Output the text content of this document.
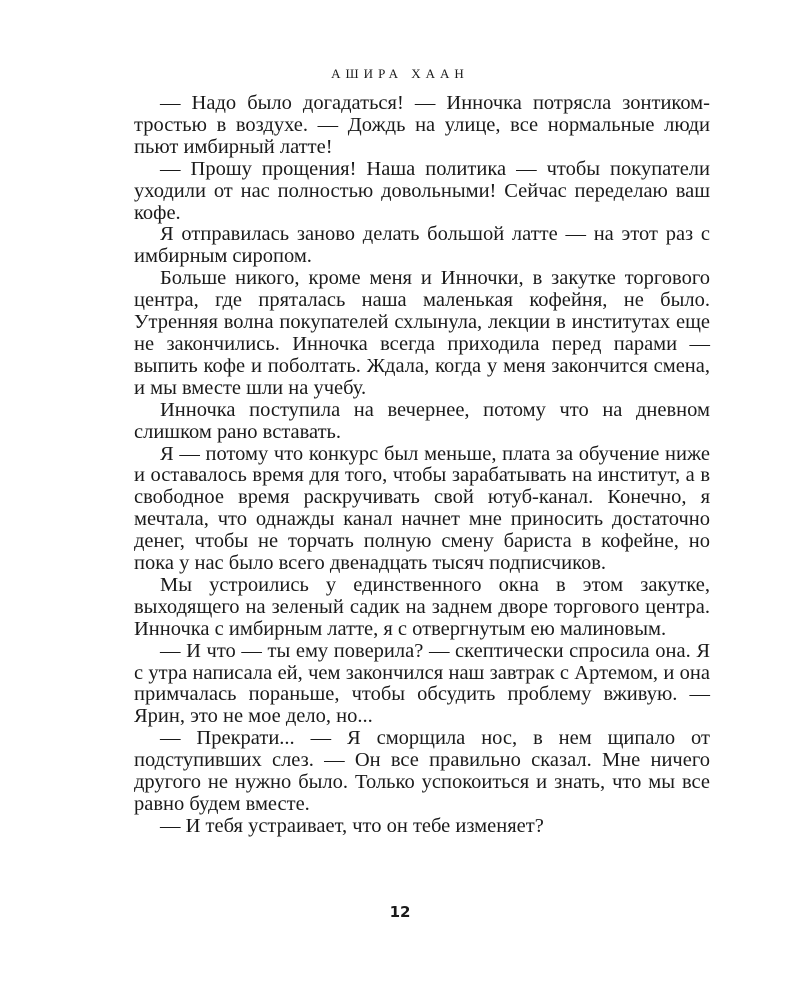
АШИРА ХААН

— Надо было догадаться! — Инночка потрясла зонтиком-тростью в воздухе. — Дождь на улице, все нормальные люди пьют имбирный латте!

— Прошу прощения! Наша политика — чтобы покупатели уходили от нас полностью довольными! Сейчас переделаю ваш кофе.

Я отправилась заново делать большой латте — на этот раз с имбирным сиропом.

Больше никого, кроме меня и Инночки, в закутке торгового центра, где пряталась наша маленькая кофейня, не было. Утренняя волна покупателей схлынула, лекции в институтах еще не закончились. Инночка всегда приходила перед парами — выпить кофе и поболтать. Ждала, когда у меня закончится смена, и мы вместе шли на учебу.

Инночка поступила на вечернее, потому что на дневном слишком рано вставать.

Я — потому что конкурс был меньше, плата за обучение ниже и оставалось время для того, чтобы зарабатывать на институт, а в свободное время раскручивать свой ютуб-канал. Конечно, я мечтала, что однажды канал начнет мне приносить достаточно денег, чтобы не торчать полную смену бариста в кофейне, но пока у нас было всего двенадцать тысяч подписчиков.

Мы устроились у единственного окна в этом закутке, выходящего на зеленый садик на заднем дворе торгового центра. Инночка с имбирным латте, я с отвергнутым ею малиновым.

— И что — ты ему поверила? — скептически спросила она. Я с утра написала ей, чем закончился наш завтрак с Артемом, и она примчалась пораньше, чтобы обсудить проблему вживую. — Ярин, это не мое дело, но...

— Прекрати... — Я сморщила нос, в нем щипало от подступивших слез. — Он все правильно сказал. Мне ничего другого не нужно было. Только успокоиться и знать, что мы все равно будем вместе.

— И тебя устраивает, что он тебе изменяет?

12
